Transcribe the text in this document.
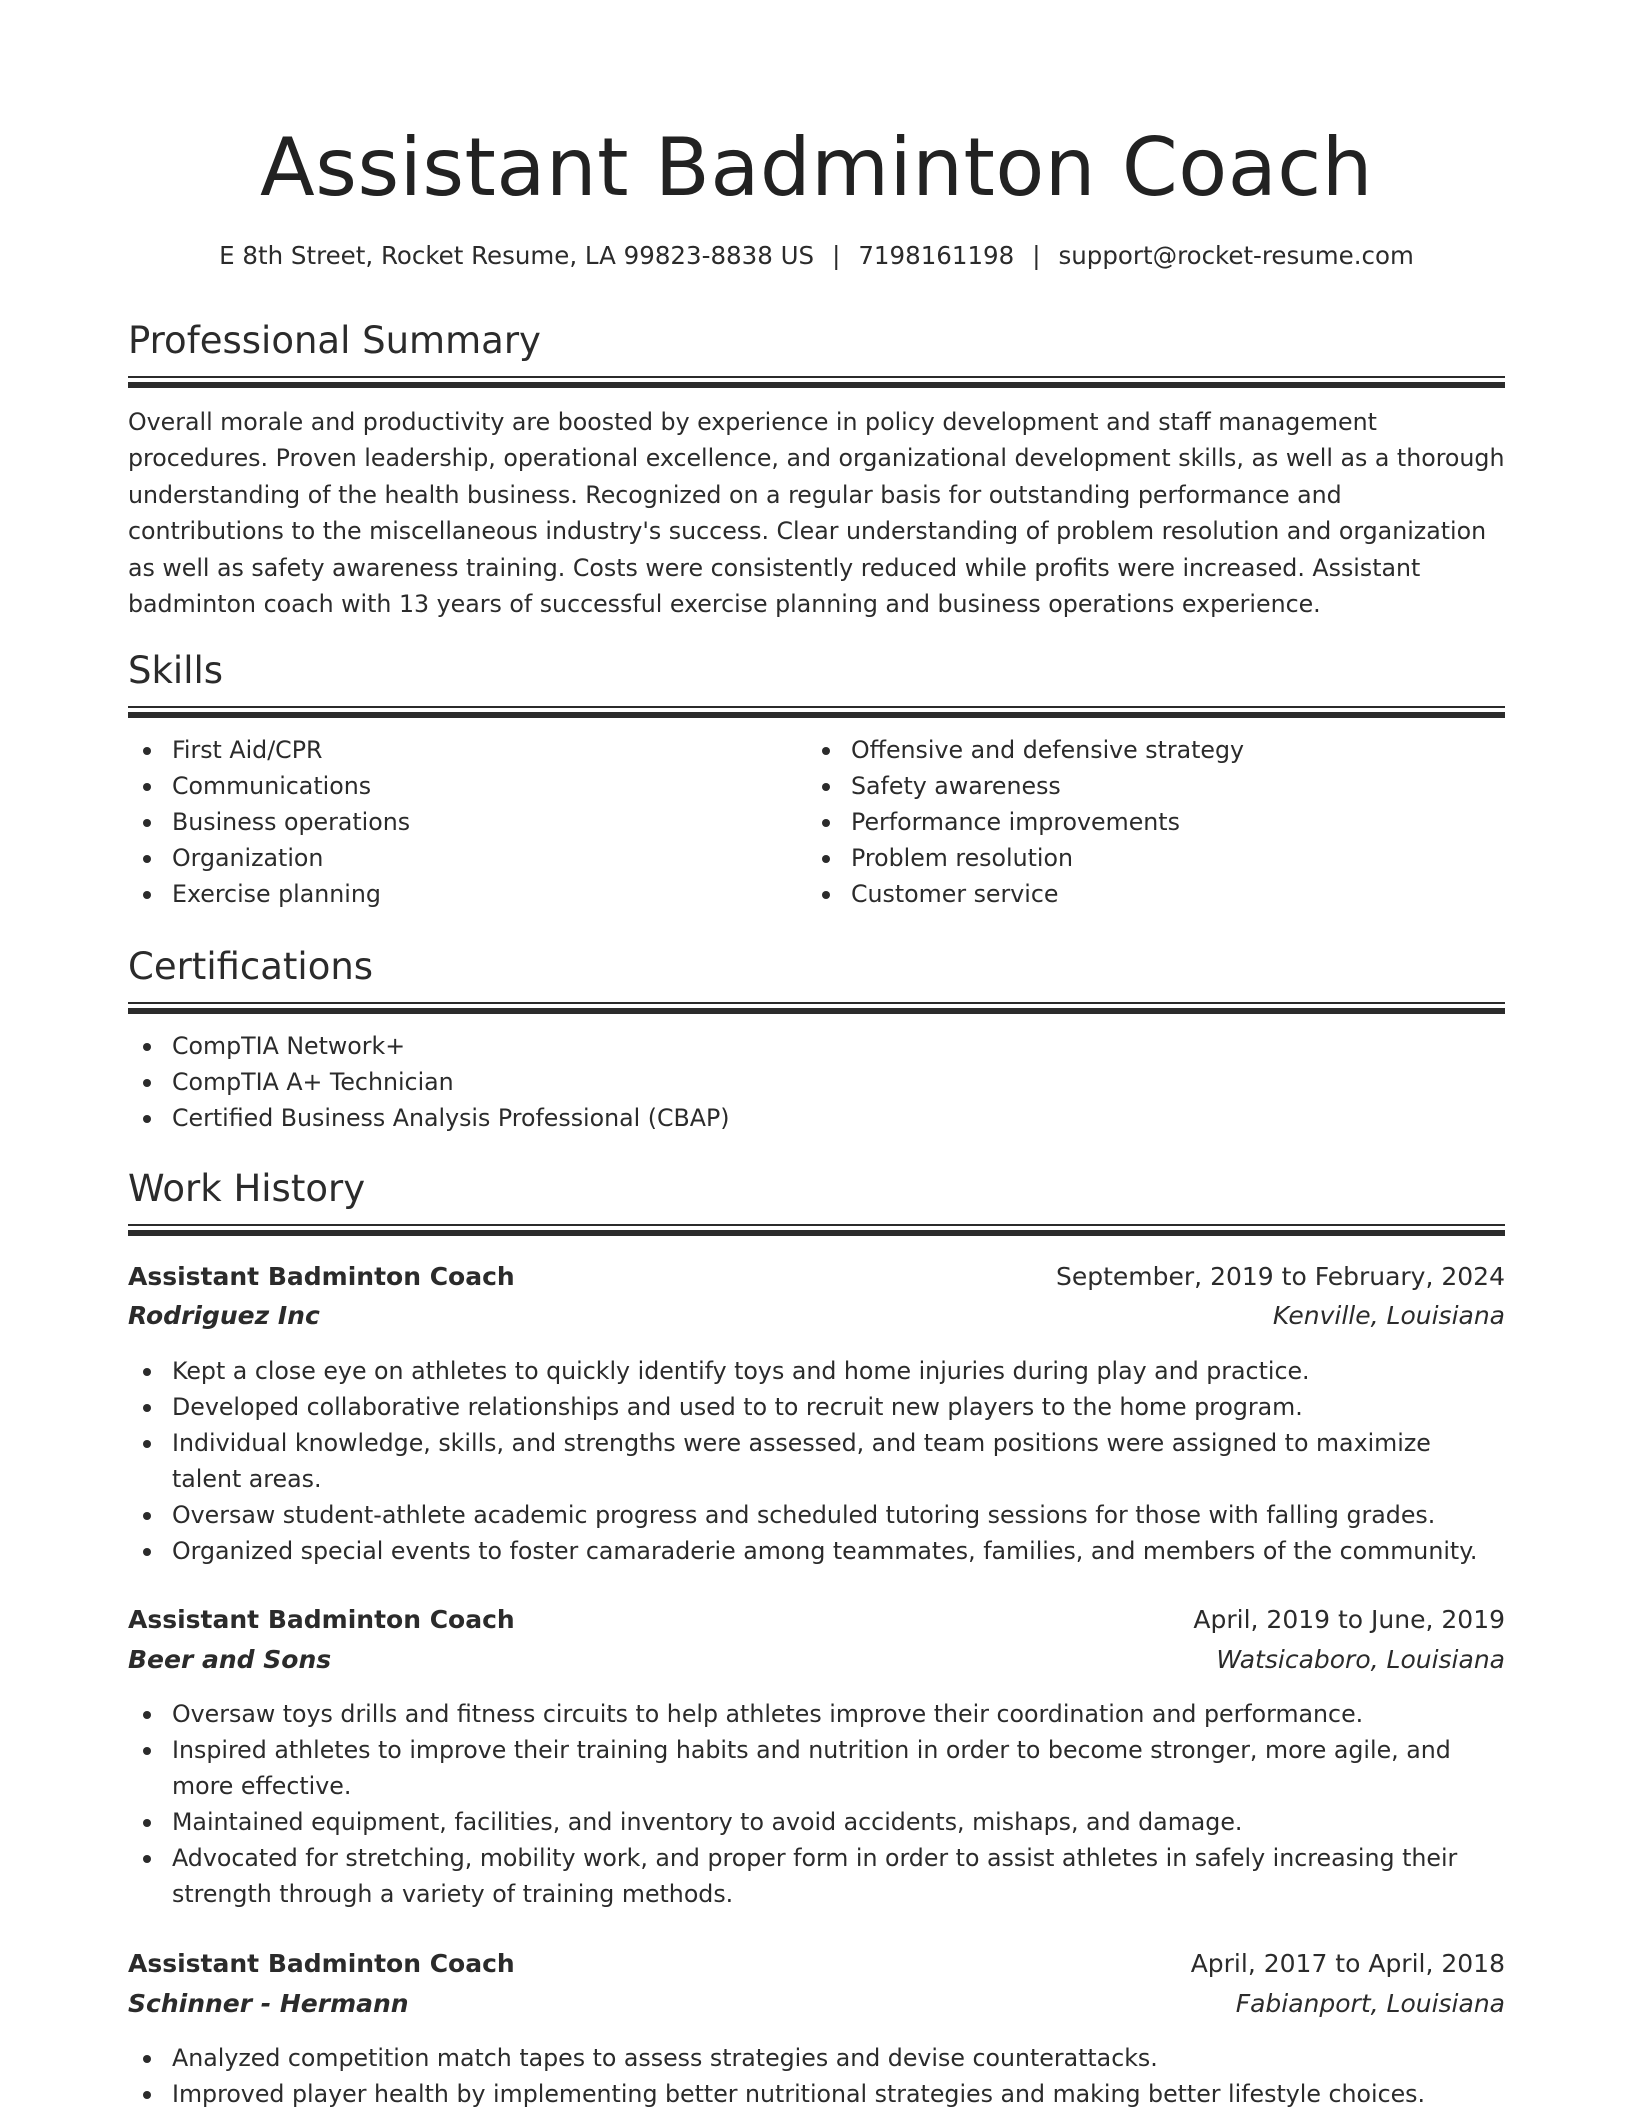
Assistant Badminton Coach
E 8th Street, Rocket Resume, LA 99823-8838 US | 7198161198 | support@rocket-resume.com
Professional Summary

Overall morale and productivity are boosted by experience in policy development and staff management procedures. Proven leadership, operational excellence, and organizational development skills, as well as a thorough understanding of the health business. Recognized on a regular basis for outstanding performance and contributions to the miscellaneous industry's success. Clear understanding of problem resolution and organization as well as safety awareness training. Costs were consistently reduced while profits were increased. Assistant badminton coach with 13 years of successful exercise planning and business operations experience.

Skills
First Aid/CPR
Communications
Business operations
Organization
Exercise planning
Offensive and defensive strategy
Safety awareness
Performance improvements
Problem resolution
Customer service
Certifications
CompTIA Network+
CompTIA A+ Technician
Certified Business Analysis Professional (CBAP)
Work History
Assistant Badminton Coach	September, 2019 to February, 2024
Rodriguez Inc	Kenville, Louisiana
Kept a close eye on athletes to quickly identify toys and home injuries during play and practice.
Developed collaborative relationships and used to to recruit new players to the home program.
Individual knowledge, skills, and strengths were assessed, and team positions were assigned to maximize talent areas.
Oversaw student-athlete academic progress and scheduled tutoring sessions for those with falling grades.
Organized special events to foster camaraderie among teammates, families, and members of the community.
Assistant Badminton Coach	April, 2019 to June, 2019
Beer and Sons	Watsicaboro, Louisiana
Oversaw toys drills and fitness circuits to help athletes improve their coordination and performance.
Inspired athletes to improve their training habits and nutrition in order to become stronger, more agile, and more effective.
Maintained equipment, facilities, and inventory to avoid accidents, mishaps, and damage.
Advocated for stretching, mobility work, and proper form in order to assist athletes in safely increasing their strength through a variety of training methods.
Assistant Badminton Coach	April, 2017 to April, 2018
Schinner - Hermann	Fabianport, Louisiana
Analyzed competition match tapes to assess strategies and devise counterattacks.
Improved player health by implementing better nutritional strategies and making better lifestyle choices.
